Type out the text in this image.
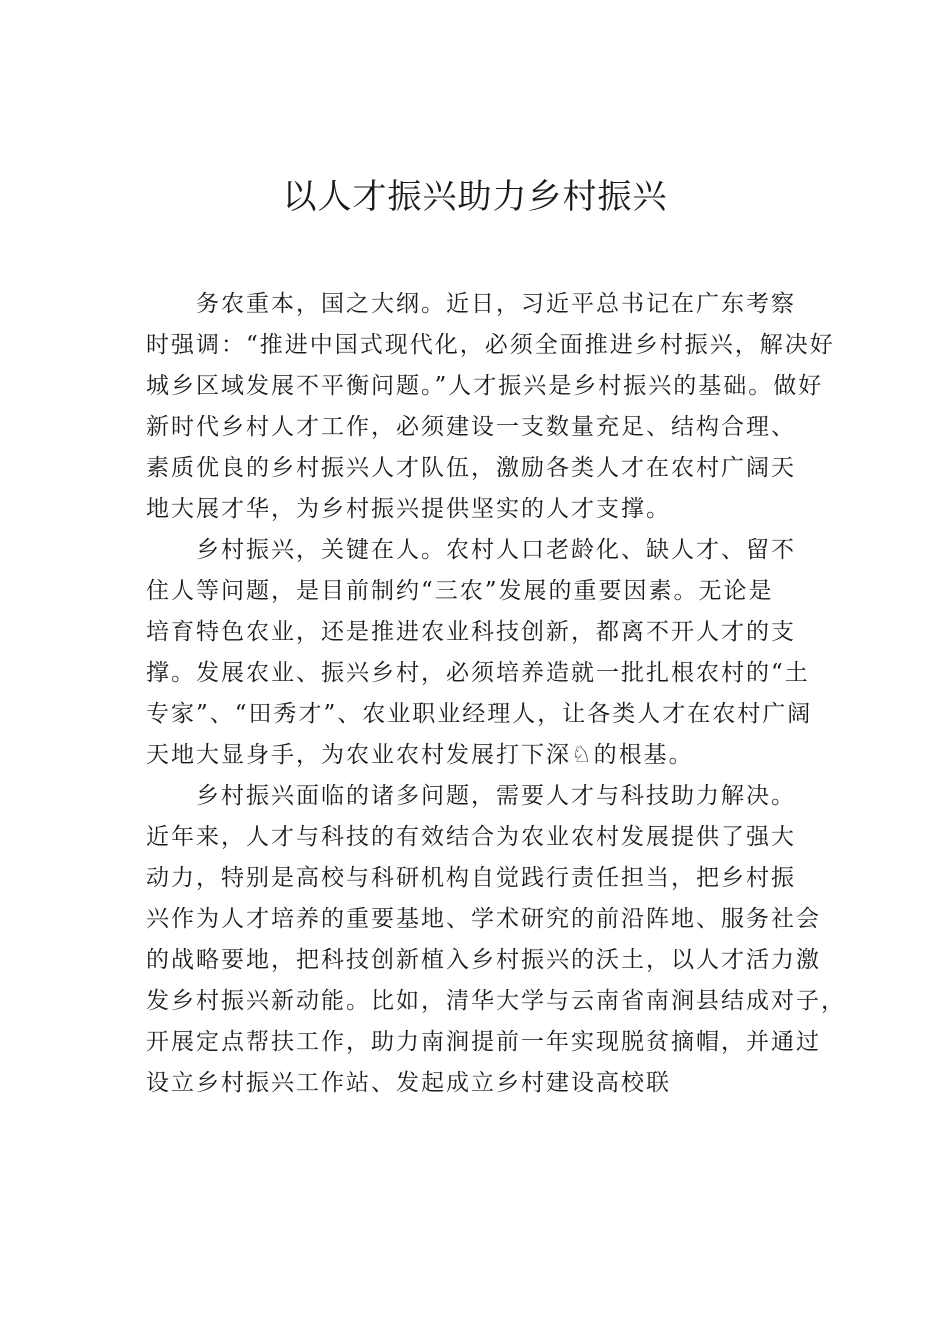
以人才振兴助力乡村振兴
务农重本，国之大纲。近日，习近平总书记在广东考察
时强调：“推进中国式现代化，必须全面推进乡村振兴，解决好
城乡区域发展不平衡问题。”人才振兴是乡村振兴的基础。做好
新时代乡村人才工作，必须建设一支数量充足、结构合理、
素质优良的乡村振兴人才队伍，激励各类人才在农村广阔天
地大展才华，为乡村振兴提供坚实的人才支撑。
乡村振兴，关键在人。农村人口老龄化、缺人才、留不
住人等问题，是目前制约“三农”发展的重要因素。无论是
培育特色农业，还是推进农业科技创新，都离不开人才的支
撑。发展农业、振兴乡村，必须培养造就一批扎根农村的“土
专家”、“田秀才”、农业职业经理人，让各类人才在农村广阔
天地大显身手，为农业农村发展打下深♘的根基。
乡村振兴面临的诸多问题，需要人才与科技助力解决。
近年来，人才与科技的有效结合为农业农村发展提供了强大
动力，特别是高校与科研机构自觉践行责任担当，把乡村振
兴作为人才培养的重要基地、学术研究的前沿阵地、服务社会
的战略要地，把科技创新植入乡村振兴的沃土，以人才活力激
发乡村振兴新动能。比如，清华大学与云南省南涧县结成对子，
开展定点帮扶工作，助力南涧提前一年实现脱贫摘帽，并通过
设立乡村振兴工作站、发起成立乡村建设高校联
